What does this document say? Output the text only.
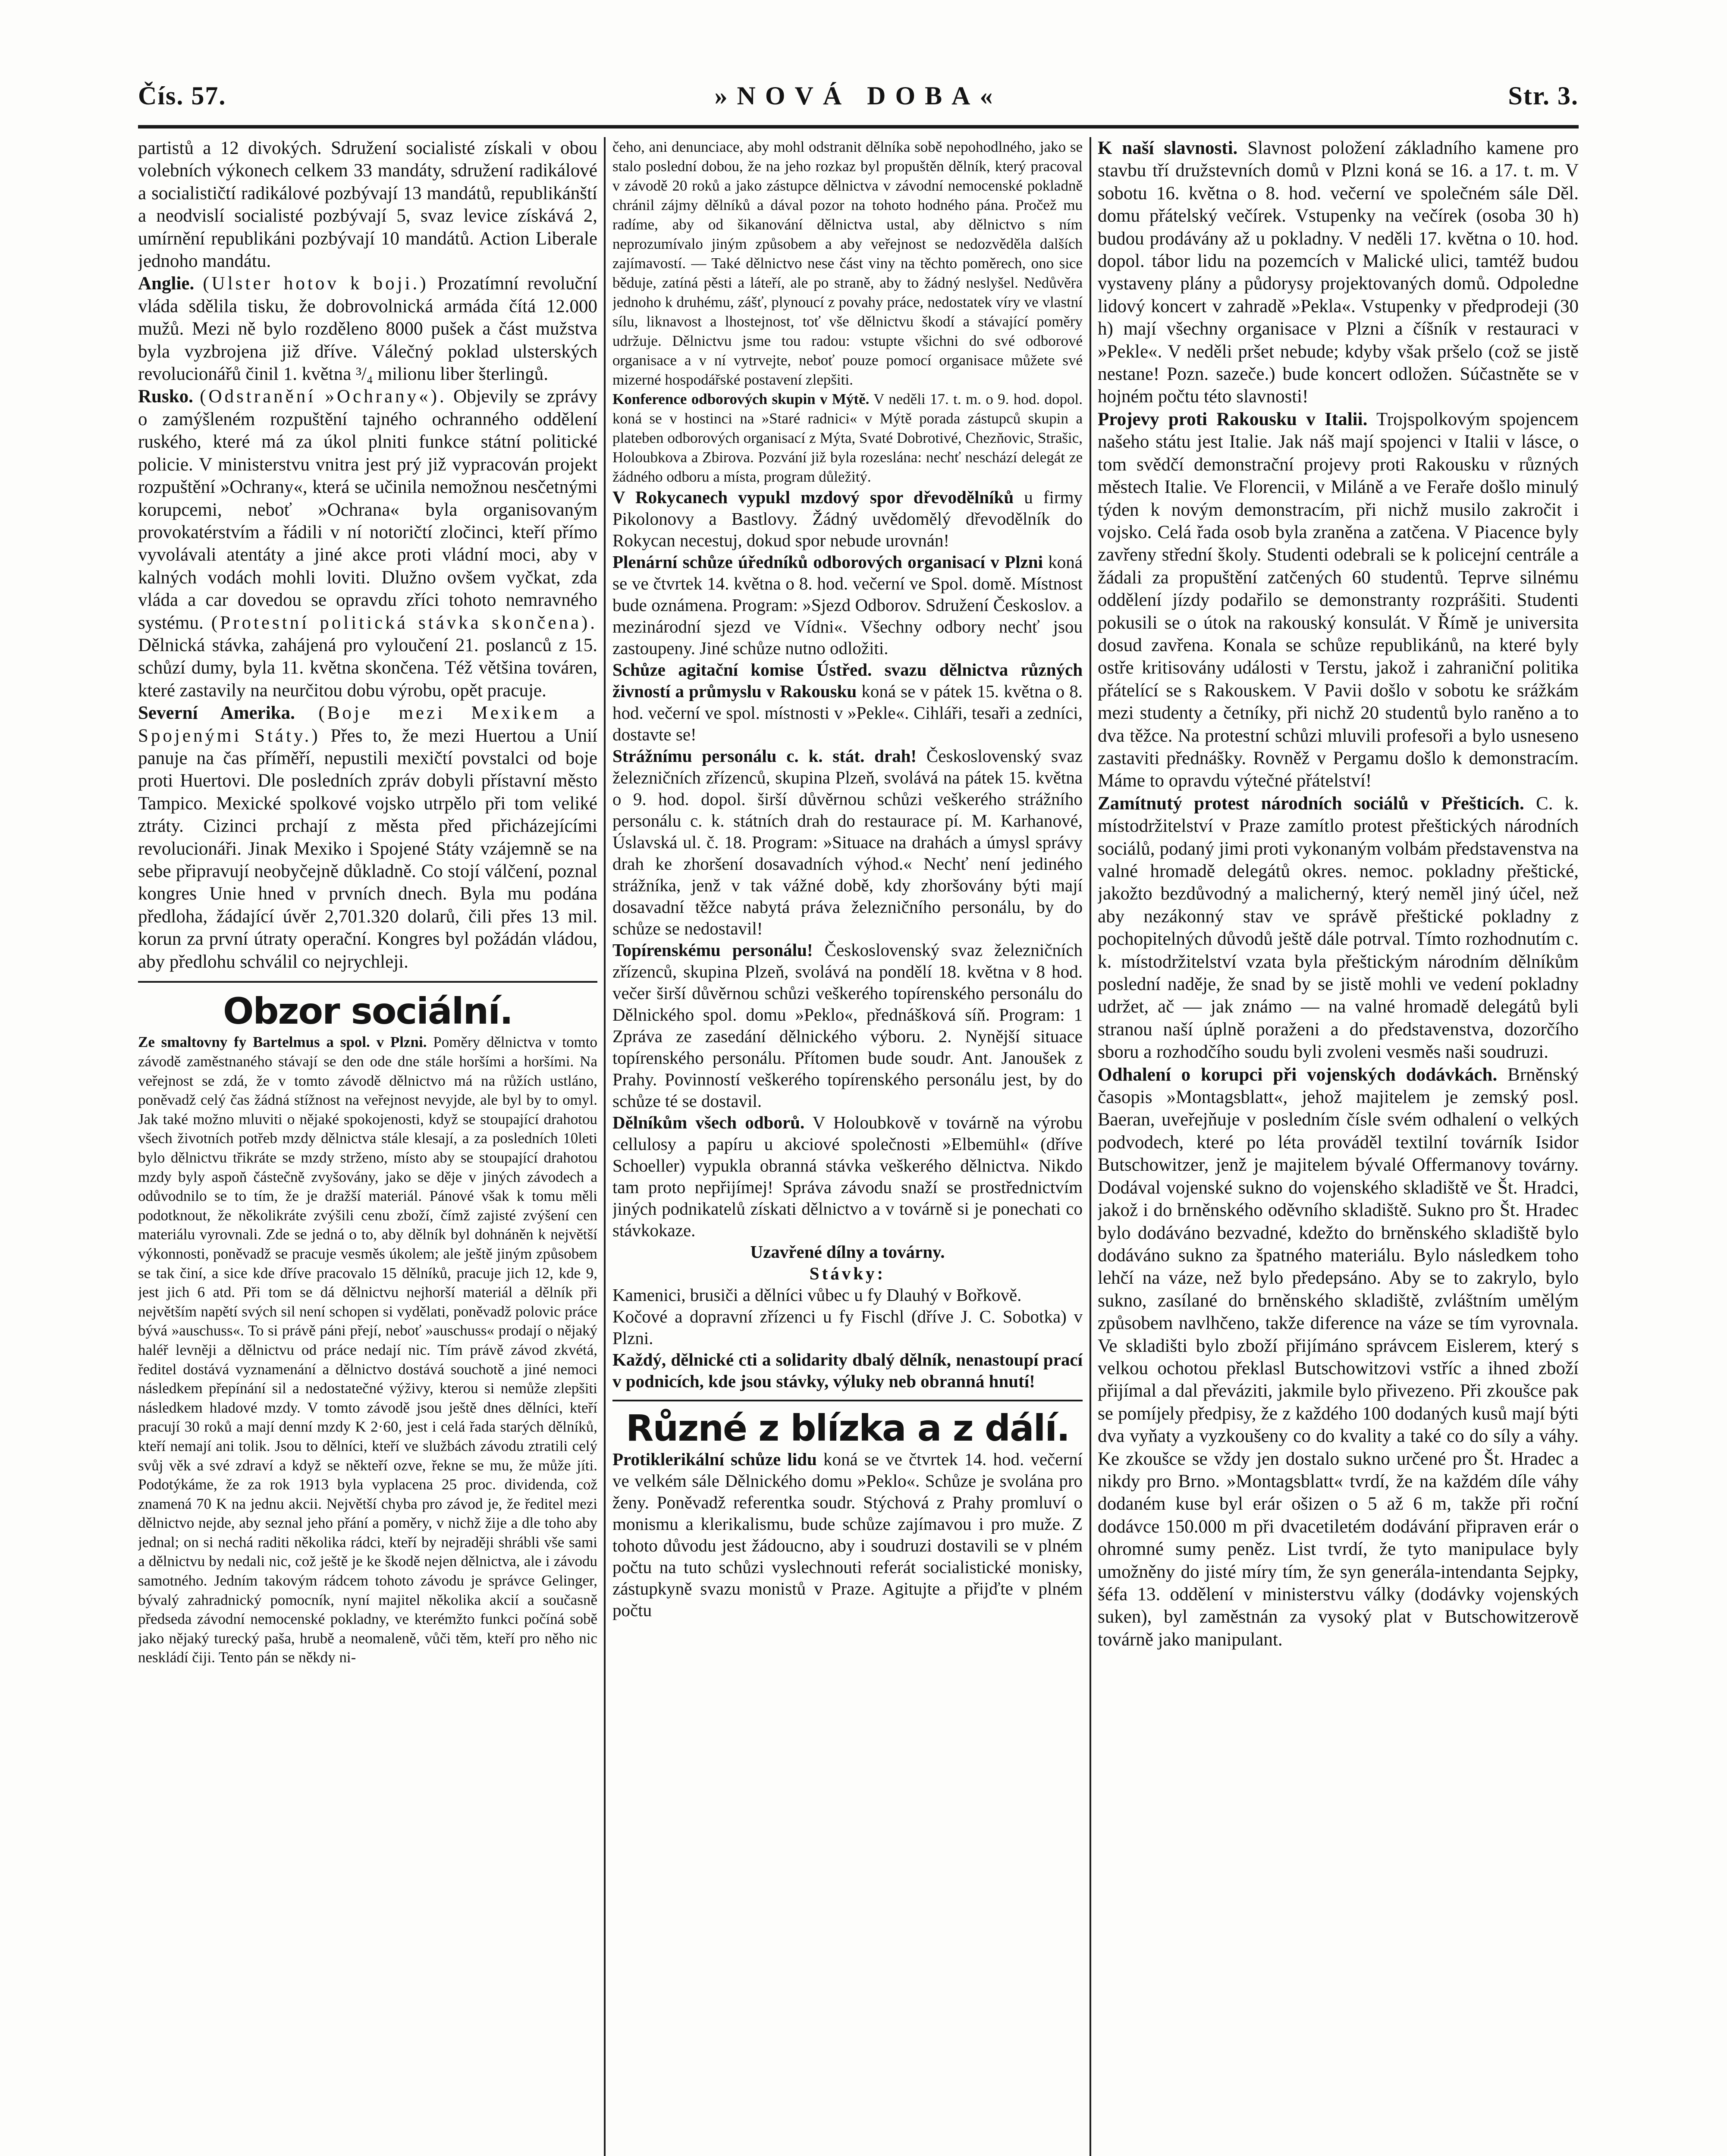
Čís. 57.	»NOVÁ DOBA«	Str. 3.

partistů a 12 divokých. Sdružení socialisté získali v obou volebních výkonech celkem 33 mandáty, sdružení radikálové a socialističtí radikálové pozbývají 13 mandátů, republikánští a neodvislí socialisté pozbývají 5, svaz levice získává 2, umírnění republikáni pozbývají 10 mandátů. Action Liberale jednoho mandátu.

Anglie. (Ulster hotov k boji.) Prozatímní revoluční vláda sdělila tisku, že dobrovolnická armáda čítá 12.000 mužů. Mezi ně bylo rozděleno 8000 pušek a část mužstva byla vyzbrojena již dříve. Válečný poklad ulsterských revolucionářů činil 1. května ³/₄ milionu liber šterlingů.

Rusko. (Odstranění »Ochrany«). Objevily se zprávy o zamýšleném rozpuštění tajného ochranného oddělení ruského, které má za úkol plniti funkce státní politické policie. V ministerstvu vnitra jest prý již vypracován projekt rozpuštění »Ochrany«, která se učinila nemožnou nesčetnými korupcemi, neboť »Ochrana« byla organisovaným provokatérstvím a řádili v ní notoričtí zločinci, kteří přímo vyvolávali atentáty a jiné akce proti vládní moci, aby v kalných vodách mohli loviti. Dlužno ovšem vyčkat, zda vláda a car dovedou se opravdu zříci tohoto nemravného systému. (Protestní politická stávka skončena). Dělnická stávka, zahájená pro vyloučení 21. poslanců z 15. schůzí dumy, byla 11. května skončena. Též většina továren, které zastavily na neurčitou dobu výrobu, opět pracuje.

Severní Amerika. (Boje mezi Mexikem a Spojenými Státy.) Přes to, že mezi Huertou a Unií panuje na čas příměří, nepustili mexičtí povstalci od boje proti Huertovi. Dle posledních zpráv dobyli přístavní město Tampico. Mexické spolkové vojsko utrpělo při tom veliké ztráty. Cizinci prchají z města před přicházejícími revolucionáři. Jinak Mexiko i Spojené Státy vzájemně se na sebe připravují neobyčejně důkladně. Co stojí válčení, poznal kongres Unie hned v prvních dnech. Byla mu podána předloha, žádající úvěr 2,701.320 dolarů, čili přes 13 mil. korun za první útraty operační. Kongres byl požádán vládou, aby předlohu schválil co nejrychleji.

Obzor sociální.

Ze smaltovny fy Bartelmus a spol. v Plzni. Poměry dělnictva v tomto závodě zaměstnaného stávají se den ode dne stále horšími a horšími. Na veřejnost se zdá, že v tomto závodě dělnictvo má na růžích ustláno, poněvadž celý čas žádná stížnost na veřejnost nevyjde, ale byl by to omyl. Jak také možno mluviti o nějaké spokojenosti, když se stoupající drahotou všech životních potřeb mzdy dělnictva stále klesají, a za posledních 10leti bylo dělnictvu třikráte se mzdy strženo, místo aby se stoupající drahotou mzdy byly aspoň částečně zvyšovány, jako se děje v jiných závodech a odůvodnilo se to tím, že je dražší materiál. Pánové však k tomu měli podotknout, že několikráte zvýšili cenu zboží, čímž zajisté zvýšení cen materiálu vyrovnali. Zde se jedná o to, aby dělník byl dohnáněn k největší výkonnosti, poněvadž se pracuje vesměs úkolem; ale ještě jiným způsobem se tak činí, a sice kde dříve pracovalo 15 dělníků, pracuje jich 12, kde 9, jest jich 6 atd. Při tom se dá dělnictvu nejhorší materiál a dělník při největším napětí svých sil není schopen si vydělati, poněvadž polovic práce bývá »auschuss«. To si právě páni přejí, neboť »auschuss« prodají o nějaký haléř levněji a dělnictvu od práce nedají nic. Tím právě závod zkvétá, ředitel dostává vyznamenání a dělnictvo dostává souchotě a jiné nemoci následkem přepínání sil a nedostatečné výživy, kterou si nemůže zlepšiti následkem hladové mzdy. V tomto závodě jsou ještě dnes dělníci, kteří pracují 30 roků a mají denní mzdy K 2·60, jest i celá řada starých dělníků, kteří nemají ani tolik. Jsou to dělníci, kteří ve službách závodu ztratili celý svůj věk a své zdraví a když se někteří ozve, řekne se mu, že může jíti. Podotýkáme, že za rok 1913 byla vyplacena 25 proc. dividenda, což znamená 70 K na jednu akcii. Největší chyba pro závod je, že ředitel mezi dělnictvo nejde, aby seznal jeho přání a poměry, v nichž žije a dle toho aby jednal; on si nechá raditi několika rádci, kteří by nejraději shrábli vše sami a dělnictvu by nedali nic, což ještě je ke škodě nejen dělnictva, ale i závodu samotného. Jedním takovým rádcem tohoto závodu je správce Gelinger, bývalý zahradnický pomocník, nyní majitel několika akcií a současně předseda závodní nemocenské pokladny, ve kterémžto funkci počíná sobě jako nějaký turecký paša, hrubě a neomaleně, vůči těm, kteří pro něho nic neskládí čiji. Tento pán se někdy ni-

čeho, ani denunciace, aby mohl odstranit dělníka sobě nepohodlného, jako se stalo poslední dobou, že na jeho rozkaz byl propuštěn dělník, který pracoval v závodě 20 roků a jako zástupce dělnictva v závodní nemocenské pokladně chránil zájmy dělníků a dával pozor na tohoto hodného pána. Pročež mu radíme, aby od šikanování dělnictva ustal, aby dělnictvo s ním neprozumívalo jiným způsobem a aby veřejnost se nedozvěděla dalších zajímavostí. — Také dělnictvo nese část viny na těchto poměrech, ono sice běduje, zatíná pěsti a láteří, ale po straně, aby to žádný neslyšel. Nedůvěra jednoho k druhému, zášť, plynoucí z povahy práce, nedostatek víry ve vlastní sílu, liknavost a lhostejnost, toť vše dělnictvu škodí a stávající poměry udržuje. Dělnictvu jsme tou radou: vstupte všichni do své odborové organisace a v ní vytrvejte, neboť pouze pomocí organisace můžete své mizerné hospodářské postavení zlepšiti.

Konference odborových skupin v Mýtě. V neděli 17. t. m. o 9. hod. dopol. koná se v hostinci na »Staré radnici« v Mýtě porada zástupců skupin a plateben odborových organisací z Mýta, Svaté Dobrotivé, Chezňovic, Strašic, Holoubkova a Zbirova. Pozvání již byla rozeslána: nechť neschází delegát ze žádného odboru a místa, program důležitý.

V Rokycanech vypukl mzdový spor dřevodělníků u firmy Pikolonovy a Bastlovy. Žádný uvědomělý dřevodělník do Rokycan necestuj, dokud spor nebude urovnán!

Plenární schůze úředníků odborových organisací v Plzni koná se ve čtvrtek 14. května o 8. hod. večerní ve Spol. domě. Místnost bude oznámena. Program: »Sjezd Odborov. Sdružení Českoslov. a mezinárodní sjezd ve Vídni«. Všechny odbory nechť jsou zastoupeny. Jiné schůze nutno odložiti.

Schůze agitační komise Ústřed. svazu dělnictva různých živností a průmyslu v Rakousku koná se v pátek 15. května o 8. hod. večerní ve spol. místnosti v »Pekle«. Cihláři, tesaři a zedníci, dostavte se!

Strážnímu personálu c. k. stát. drah! Československý svaz železničních zřízenců, skupina Plzeň, svolává na pátek 15. května o 9. hod. dopol. širší důvěrnou schůzi veškerého strážního personálu c. k. státních drah do restaurace pí. M. Karhanové, Úslavská ul. č. 18. Program: »Situace na drahách a úmysl správy drah ke zhoršení dosavadních výhod.« Nechť není jediného strážníka, jenž v tak vážné době, kdy zhoršovány býti mají dosavadní těžce nabytá práva železničního personálu, by do schůze se nedostavil!

Topírenskému personálu! Československý svaz železničních zřízenců, skupina Plzeň, svolává na pondělí 18. května v 8 hod. večer širší důvěrnou schůzi veškerého topírenského personálu do Dělnického spol. domu »Peklo«, přednášková síň. Program: 1 Zpráva ze zasedání dělnického výboru. 2. Nynější situace topírenského personálu. Přítomen bude soudr. Ant. Janoušek z Prahy. Povinností veškerého topírenského personálu jest, by do schůze té se dostavil.

Dělníkům všech odborů. V Holoubkově v továrně na výrobu cellulosy a papíru u akciové společnosti »Elbemühl« (dříve Schoeller) vypukla obranná stávka veškerého dělnictva. Nikdo tam proto nepřijímej! Správa závodu snaží se prostřednictvím jiných podnikatelů získati dělnictvo a v továrně si je ponechati co stávkokaze.

Uzavřené dílny a továrny.

Stávky:

Kamenici, brusiči a dělníci vůbec u fy Dlauhý v Bořkově.

Kočové a dopravní zřízenci u fy Fischl (dříve J. C. Sobotka) v Plzni.

Každý, dělnické cti a solidarity dbalý dělník, nenastoupí prací v podnicích, kde jsou stávky, výluky neb obranná hnutí!

Různé z blízka a z dálí.

Protiklerikální schůze lidu koná se ve čtvrtek 14. hod. večerní ve velkém sále Dělnického domu »Peklo«. Schůze je svolána pro ženy. Poněvadž referentka soudr. Stýchová z Prahy promluví o monismu a klerikalismu, bude schůze zajímavou i pro muže. Z tohoto důvodu jest žádoucno, aby i soudruzi dostavili se v plném počtu na tuto schůzi vyslechnouti referát socialistické monisky, zástupkyně svazu monistů v Praze. Agitujte a přijďte v plném počtu

K naší slavnosti. Slavnost položení základního kamene pro stavbu tří družstevních domů v Plzni koná se 16. a 17. t. m. V sobotu 16. května o 8. hod. večerní ve společném sále Děl. domu přátelský večírek. Vstupenky na večírek (osoba 30 h) budou prodávány až u pokladny. V neděli 17. května o 10. hod. dopol. tábor lidu na pozemcích v Malické ulici, tamtéž budou vystaveny plány a půdorysy projektovaných domů. Odpoledne lidový koncert v zahradě »Pekla«. Vstupenky v předprodeji (30 h) mají všechny organisace v Plzni a číšník v restauraci v »Pekle«. V neděli pršet nebude; kdyby však pršelo (což se jistě nestane! Pozn. sazeče.) bude koncert odložen. Súčastněte se v hojném počtu této slavnosti!

Projevy proti Rakousku v Italii. Trojspolkovým spojencem našeho státu jest Italie. Jak náš mají spojenci v Italii v lásce, o tom svědčí demonstrační projevy proti Rakousku v různých městech Italie. Ve Florencii, v Miláně a ve Feraře došlo minulý týden k novým demonstracím, při nichž musilo zakročit i vojsko. Celá řada osob byla zraněna a zatčena. V Piacence byly zavřeny střední školy. Studenti odebrali se k policejní centrále a žádali za propuštění zatčených 60 studentů. Teprve silnému oddělení jízdy podařilo se demonstranty rozprášiti. Studenti pokusili se o útok na rakouský konsulát. V Římě je universita dosud zavřena. Konala se schůze republikánů, na které byly ostře kritisovány události v Terstu, jakož i zahraniční politika přátelící se s Rakouskem. V Pavii došlo v sobotu ke srážkám mezi studenty a četníky, při nichž 20 studentů bylo raněno a to dva těžce. Na protestní schůzi mluvili profesoři a bylo usneseno zastaviti přednášky. Rovněž v Pergamu došlo k demonstracím. Máme to opravdu výtečné přátelství!

Zamítnutý protest národních sociálů v Přešticích. C. k. místodržitelství v Praze zamítlo protest přeštických národních sociálů, podaný jimi proti vykonaným volbám představenstva na valné hromadě delegátů okres. nemoc. pokladny přeštické, jakožto bezdůvodný a malicherný, který neměl jiný účel, než aby nezákonný stav ve správě přeštické pokladny z pochopitelných důvodů ještě dále potrval. Tímto rozhodnutím c. k. místodržitelství vzata byla přeštickým národním dělníkům poslední naděje, že snad by se jistě mohli ve vedení pokladny udržet, ač — jak známo — na valné hromadě delegátů byli stranou naší úplně poraženi a do představenstva, dozorčího sboru a rozhodčího soudu byli zvoleni vesměs naši soudruzi.

Odhalení o korupci při vojenských dodávkách. Brněnský časopis »Montagsblatt«, jehož majitelem je zemský posl. Baeran, uveřejňuje v posledním čísle svém odhalení o velkých podvodech, které po léta prováděl textilní továrník Isidor Butschowitzer, jenž je majitelem bývalé Offermanovy továrny. Dodával vojenské sukno do vojenského skladiště ve Št. Hradci, jakož i do brněnského oděvního skladiště. Sukno pro Št. Hradec bylo dodáváno bezvadné, kdežto do brněnského skladiště bylo dodáváno sukno za špatného materiálu. Bylo následkem toho lehčí na váze, než bylo předepsáno. Aby se to zakrylo, bylo sukno, zasílané do brněnského skladiště, zvláštním umělým způsobem navlhčeno, takže diference na váze se tím vyrovnala. Ve skladišti bylo zboží přijímáno správcem Eislerem, který s velkou ochotou překlasl Butschowitzovi vstříc a ihned zboží přijímal a dal převáziti, jakmile bylo přivezeno. Při zkoušce pak se pomíjely předpisy, že z každého 100 dodaných kusů mají býti dva vyňaty a vyzkoušeny co do kvality a také co do síly a váhy. Ke zkoušce se vždy jen dostalo sukno určené pro Št. Hradec a nikdy pro Brno. »Montagsblatt« tvrdí, že na každém díle váhy dodaném kuse byl erár ošizen o 5 až 6 m, takže při roční dodávce 150.000 m při dvacetiletém dodávání připraven erár o ohromné sumy peněz. List tvrdí, že tyto manipulace byly umožněny do jisté míry tím, že syn generála-intendanta Sejpky, šéfa 13. oddělení v ministerstvu války (dodávky vojenských suken), byl zaměstnán za vysoký plat v Butschowitzerově továrně jako manipulant.
